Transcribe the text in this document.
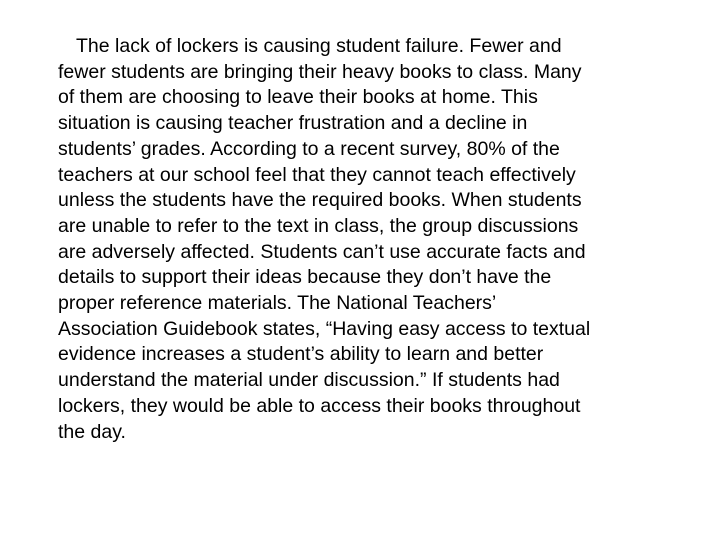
The lack of lockers is causing student failure. Fewer and
fewer students are bringing their heavy books to class. Many
of them are choosing to leave their books at home. This
situation is causing teacher frustration and a decline in
students’ grades. According to a recent survey, 80% of the
teachers at our school feel that they cannot teach effectively
unless the students have the required books. When students
are unable to refer to the text in class, the group discussions
are adversely affected. Students can’t use accurate facts and
details to support their ideas because they don’t have the
proper reference materials. The National Teachers’
Association Guidebook states, “Having easy access to textual
evidence increases a student’s ability to learn and better
understand the material under discussion.” If students had
lockers, they would be able to access their books throughout
the day.
